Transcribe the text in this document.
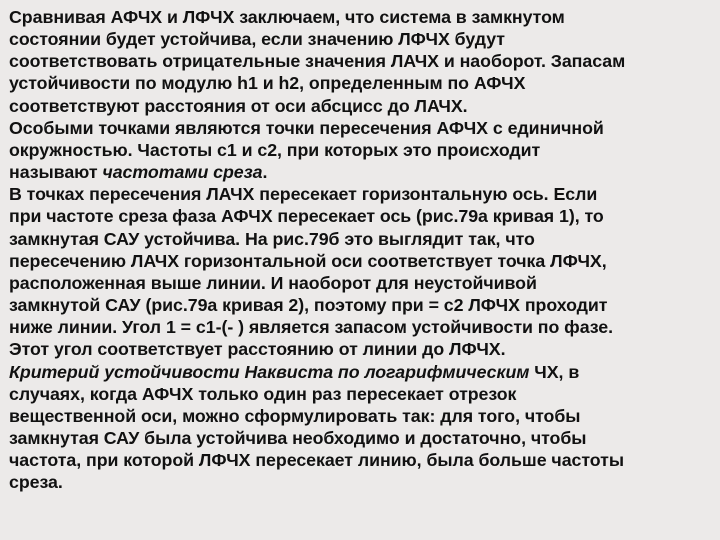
Сравнивая АФЧХ и ЛФЧХ заключаем, что система в замкнутом
состоянии будет устойчива, если значению ЛФЧХ будут
соответствовать отрицательные значения ЛАЧХ и наоборот. Запасам
устойчивости по модулю h1 и h2, определенным по АФЧХ
соответствуют расстояния от оси абсцисс до ЛАЧХ.
Особыми точками являются точки пересечения АФЧХ с единичной
окружностью. Частоты с1 и с2, при которых это происходит
называют частотами среза.
В точках пересечения ЛАЧХ пересекает горизонтальную ось. Если
при частоте среза фаза АФЧХ пересекает ось (рис.79а кривая 1), то
замкнутая САУ устойчива. На рис.79б это выглядит так, что
пересечению ЛАЧХ горизонтальной оси соответствует точка ЛФЧХ,
расположенная выше линии. И наоборот для неустойчивой
замкнутой САУ (рис.79а кривая 2), поэтому при = с2 ЛФЧХ проходит
ниже линии. Угол 1 = с1-(- ) является запасом устойчивости по фазе.
Этот угол соответствует расстоянию от линии до ЛФЧХ.
Критерий устойчивости Наквиста по логарифмическим ЧХ, в
случаях, когда АФЧХ только один раз пересекает отрезок
вещественной оси, можно сформулировать так: для того, чтобы
замкнутая САУ была устойчива необходимо и достаточно, чтобы
частота, при которой ЛФЧХ пересекает линию, была больше частоты
среза.
